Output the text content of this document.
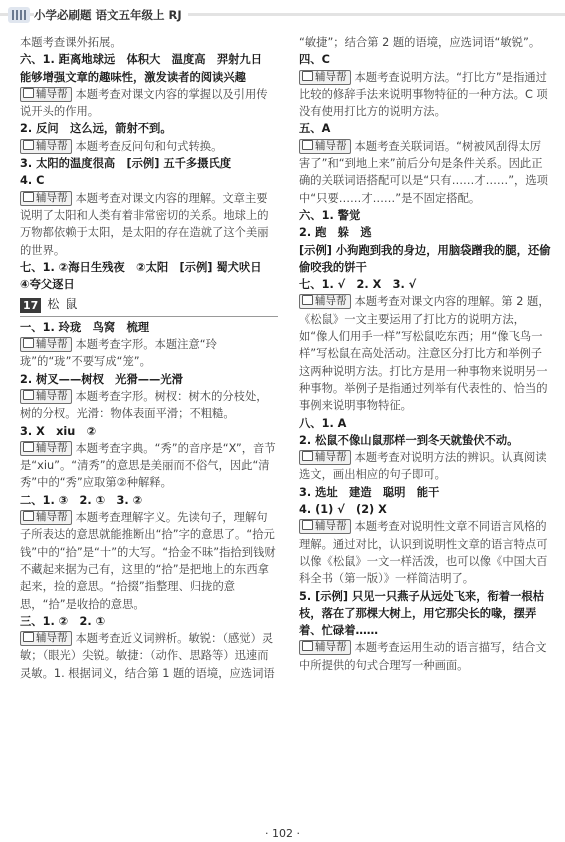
小学必刷题 语文五年级上 RJ

本题考查课外拓展。

六、1. 距离地球远　体积大　温度高　羿射九日

能够增强文章的趣味性，激发读者的阅读兴趣

辅导帮 本题考查对课文内容的掌握以及引用传说开头的作用。

2. 反问　这么远，箭射不到。

辅导帮 本题考查反问句和句式转换。

3. 太阳的温度很高　[示例] 五千多摄氏度

4. C

辅导帮 本题考查对课文内容的理解。文章主要说明了太阳和人类有着非常密切的关系。地球上的万物都依赖于太阳，是太阳的存在造就了这个美丽的世界。

七、1. ②海日生残夜　②太阳　[示例] 蜀犬吠日

④夸父逐日

17 松鼠

一、1. 玲珑　鸟窝　梳理

辅导帮 本题考查字形。本题注意“玲珑”的“珑”不要写成“笼”。

2. 树叉——树杈　光猾——光滑

辅导帮 本题考查字形。树杈：树木的分枝处，树的分杈。光滑：物体表面平滑；不粗糙。

3. X　xiu　②

辅导帮 本题考查字典。“秀”的音序是“X”，音节是“xiu”。“清秀”的意思是美丽而不俗气，因此“清秀”中的“秀”应取第②种解释。

二、1. ③　2. ①　3. ②

辅导帮 本题考查理解字义。先读句子，理解句子所表达的意思就能推断出“拾”字的意思了。“拾元钱”中的“拾”是“十”的大写。“拾金不昧”指拾到钱财不藏起来据为己有，这里的“拾”是把地上的东西拿起来，捡的意思。“拾掇”指整理、归拢的意思，“拾”是收拾的意思。

三、1. ②　2. ①

辅导帮 本题考查近义词辨析。敏锐：（感觉）灵敏；（眼光）尖锐。敏捷：（动作、思路等）迅速而灵敏。1. 根据词义，结合第 1 题的语境，应选词语

“敏捷”；结合第 2 题的语境，应选词语“敏锐”。

四、C

辅导帮 本题考查说明方法。“打比方”是指通过比较的修辞手法来说明事物特征的一种方法。C 项没有使用打比方的说明方法。

五、A

辅导帮 本题考查关联词语。“树被风刮得太厉害了”和“到地上来”前后分句是条件关系。因此正确的关联词语搭配可以是“只有……才……”，选项中“只要……才……”是不固定搭配。

六、1. 警觉

2. 跑　躲　逃

[示例] 小狗跑到我的身边，用脑袋蹭我的腿，还偷偷咬我的饼干

七、1. √　2. X　3. √

辅导帮 本题考查对课文内容的理解。第 2 题，《松鼠》一文主要运用了打比方的说明方法，如“像人们用手一样”写松鼠吃东西；用“像飞鸟一样”写松鼠在高处活动。注意区分打比方和举例子这两种说明方法。打比方是用一种事物来说明另一种事物。举例子是指通过列举有代表性的、恰当的事例来说明事物特征。

八、1. A

2. 松鼠不像山鼠那样一到冬天就蛰伏不动。

辅导帮 本题考查对说明方法的辨识。认真阅读选文，画出相应的句子即可。

3. 选址　建造　聪明　能干

4. (1) √　(2) X

辅导帮 本题考查对说明性文章不同语言风格的理解。通过对比，认识到说明性文章的语言特点可以像《松鼠》一文一样活泼，也可以像《中国大百科全书（第一版）》一样简洁明了。

5. [示例] 只见一只燕子从远处飞来，衔着一根枯枝，落在了那棵大树上，用它那尖长的喙，摆弄着、忙碌着……

辅导帮 本题考查运用生动的语言描写，结合文中所提供的句式合理写一种画面。

· 102 ·
